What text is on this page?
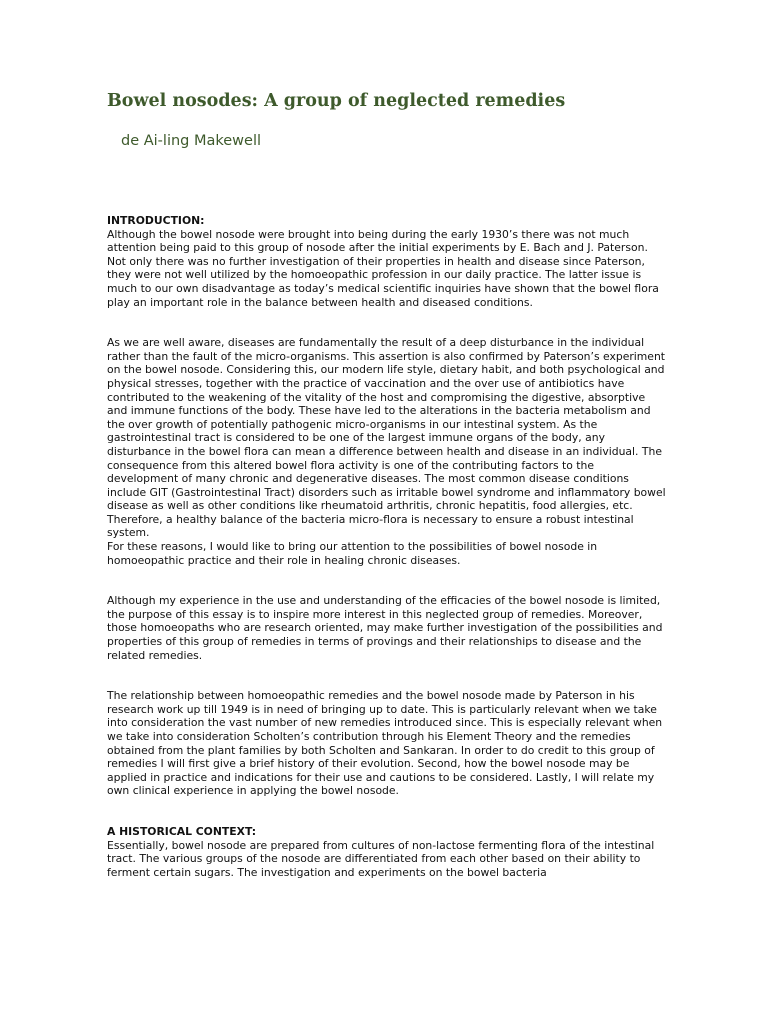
Bowel nosodes: A group of neglected remedies

de Ai-ling Makewell

INTRODUCTION:

Although the bowel nosode were brought into being during the early 1930’s there was not much attention being paid to this group of nosode after the initial experiments by E. Bach and J. Paterson. Not only there was no further investigation of their properties in health and disease since Paterson, they were not well utilized by the homoeopathic profession in our daily practice. The latter issue is much to our own disadvantage as today’s medical scientific inquiries have shown that the bowel flora play an important role in the balance between health and diseased conditions.

As we are well aware, diseases are fundamentally the result of a deep disturbance in the individual rather than the fault of the micro-organisms. This assertion is also confirmed by Paterson’s experiment on the bowel nosode. Considering this, our modern life style, dietary habit, and both psychological and physical stresses, together with the practice of vaccination and the over use of antibiotics have contributed to the weakening of the vitality of the host and compromising the digestive, absorptive and immune functions of the body. These have led to the alterations in the bacteria metabolism and the over growth of potentially pathogenic micro-organisms in our intestinal system. As the gastrointestinal tract is considered to be one of the largest immune organs of the body, any disturbance in the bowel flora can mean a difference between health and disease in an individual. The consequence from this altered bowel flora activity is one of the contributing factors to the development of many chronic and degenerative diseases. The most common disease conditions include GIT (Gastrointestinal Tract) disorders such as irritable bowel syndrome and inflammatory bowel disease as well as other conditions like rheumatoid arthritis, chronic hepatitis, food allergies, etc. Therefore, a healthy balance of the bacteria micro-flora is necessary to ensure a robust intestinal system.

For these reasons, I would like to bring our attention to the possibilities of bowel nosode in homoeopathic practice and their role in healing chronic diseases.

Although my experience in the use and understanding of the efficacies of the bowel nosode is limited, the purpose of this essay is to inspire more interest in this neglected group of remedies. Moreover, those homoeopaths who are research oriented, may make further investigation of the possibilities and properties of this group of remedies in terms of provings and their relationships to disease and the related remedies.

The relationship between homoeopathic remedies and the bowel nosode made by Paterson in his research work up till 1949 is in need of bringing up to date. This is particularly relevant when we take into consideration the vast number of new remedies introduced since. This is especially relevant when we take into consideration Scholten’s contribution through his Element Theory and the remedies obtained from the plant families by both Scholten and Sankaran. In order to do credit to this group of remedies I will first give a brief history of their evolution. Second, how the bowel nosode may be applied in practice and indications for their use and cautions to be considered. Lastly, I will relate my own clinical experience in applying the bowel nosode.

A HISTORICAL CONTEXT:

Essentially, bowel nosode are prepared from cultures of non-lactose fermenting flora of the intestinal tract. The various groups of the nosode are differentiated from each other based on their ability to ferment certain sugars. The investigation and experiments on the bowel bacteria
